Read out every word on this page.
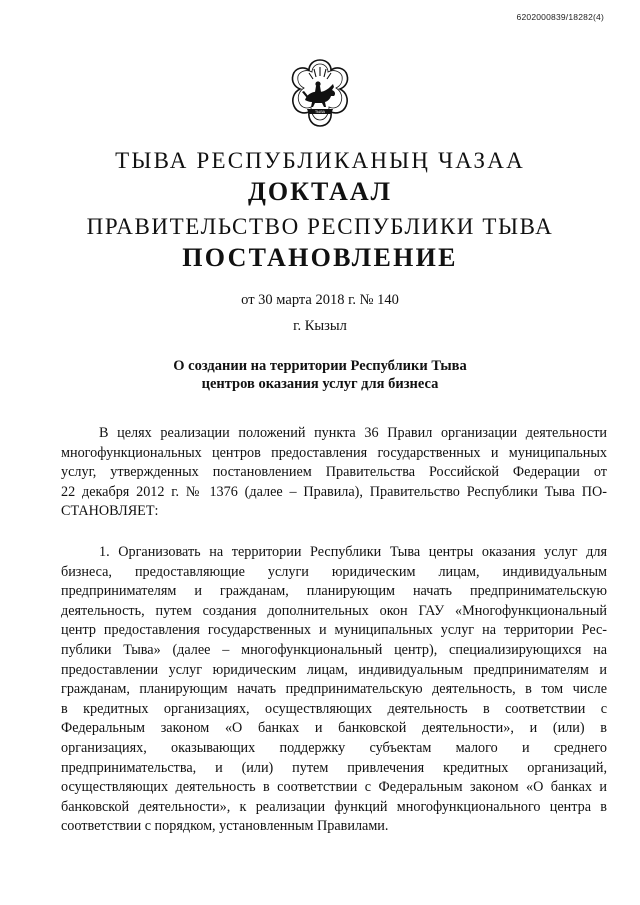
6202000839/18282(4)
ТЫВА
ТЫВА РЕСПУБЛИКАНЫҢ ЧАЗАА
ДОКТААЛ
ПРАВИТЕЛЬСТВО РЕСПУБЛИКИ ТЫВА
ПОСТАНОВЛЕНИЕ
от 30 марта 2018 г. № 140
г. Кызыл
О создании на территории Республики Тыва
центров оказания услуг для бизнеса
В целях реализации положений пункта 36 Правил организации деятельности
многофункциональных центров предоставления государственных и муниципальных
услуг, утвержденных постановлением Правительства Российской Федерации от
22 декабря 2012 г. № 1376 (далее – Правила), Правительство Республики Тыва ПО-
СТАНОВЛЯЕТ:
1. Организовать на территории Республики Тыва центры оказания услуг для
бизнеса, предоставляющие услуги юридическим лицам, индивидуальным
предпринимателям и гражданам, планирующим начать предпринимательскую
деятельность, путем создания дополнительных окон ГАУ «Многофункциональный
центр предоставления государственных и муниципальных услуг на территории Рес-
публики Тыва» (далее – многофункциональный центр), специализирующихся на
предоставлении услуг юридическим лицам, индивидуальным предпринимателям и
гражданам, планирующим начать предпринимательскую деятельность, в том числе
в кредитных организациях, осуществляющих деятельность в соответствии с
Федеральным законом «О банках и банковской деятельности», и (или) в
организациях, оказывающих поддержку субъектам малого и среднего
предпринимательства, и (или) путем привлечения кредитных организаций,
осуществляющих деятельность в соответствии с Федеральным законом «О банках и
банковской деятельности», к реализации функций многофункционального центра в
соответствии с порядком, установленным Правилами.
